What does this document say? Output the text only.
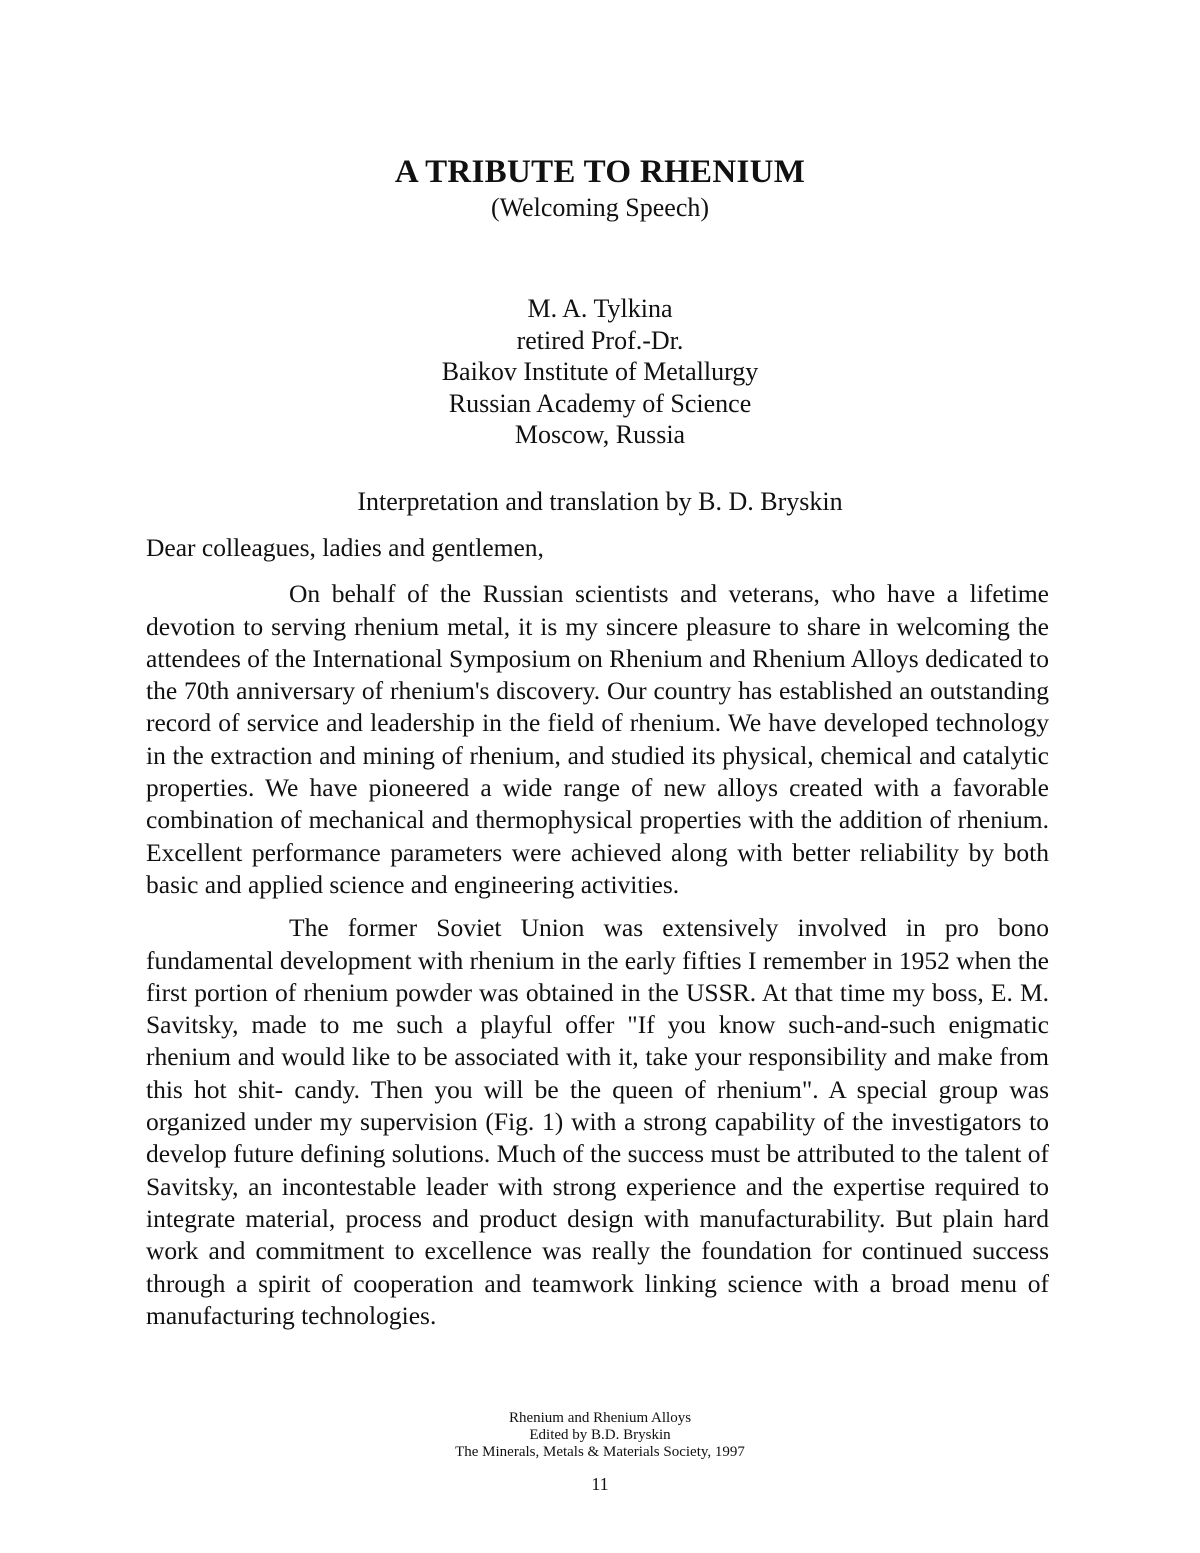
A TRIBUTE TO RHENIUM

(Welcoming Speech)

M. A. Tylkina
retired Prof.-Dr.
Baikov Institute of Metallurgy
Russian Academy of Science
Moscow, Russia
Interpretation and translation by B. D. Bryskin

Dear colleagues, ladies and gentlemen,

On behalf of the Russian scientists and veterans, who have a lifetime devotion to serving rhenium metal, it is my sincere pleasure to share in welcoming the attendees of the International Symposium on Rhenium and Rhenium Alloys dedicated to the 70th anniversary of rhenium's discovery. Our country has established an outstanding record of service and leadership in the field of rhenium. We have developed technology in the extraction and mining of rhenium, and studied its physical, chemical and catalytic properties. We have pioneered a wide range of new alloys created with a favorable combination of mechanical and thermophysical properties with the addition of rhenium. Excellent performance parameters were achieved along with better reliability by both basic and applied science and engineering activities.

The former Soviet Union was extensively involved in pro bono fundamental development with rhenium in the early fifties I remember in 1952 when the first portion of rhenium powder was obtained in the USSR. At that time my boss, E. M. Savitsky, made to me such a playful offer "If you know such-and-such enigmatic rhenium and would like to be associated with it, take your responsibility and make from this hot shit- candy. Then you will be the queen of rhenium". A special group was organized under my supervision (Fig. 1) with a strong capability of the investigators to develop future defining solutions. Much of the success must be attributed to the talent of Savitsky, an incontestable leader with strong experience and the expertise required to integrate material, process and product design with manufacturability. But plain hard work and commitment to excellence was really the foundation for continued success through a spirit of cooperation and teamwork linking science with a broad menu of manufacturing technologies.

Rhenium and Rhenium Alloys
Edited by B.D. Bryskin
The Minerals, Metals & Materials Society, 1997
11
